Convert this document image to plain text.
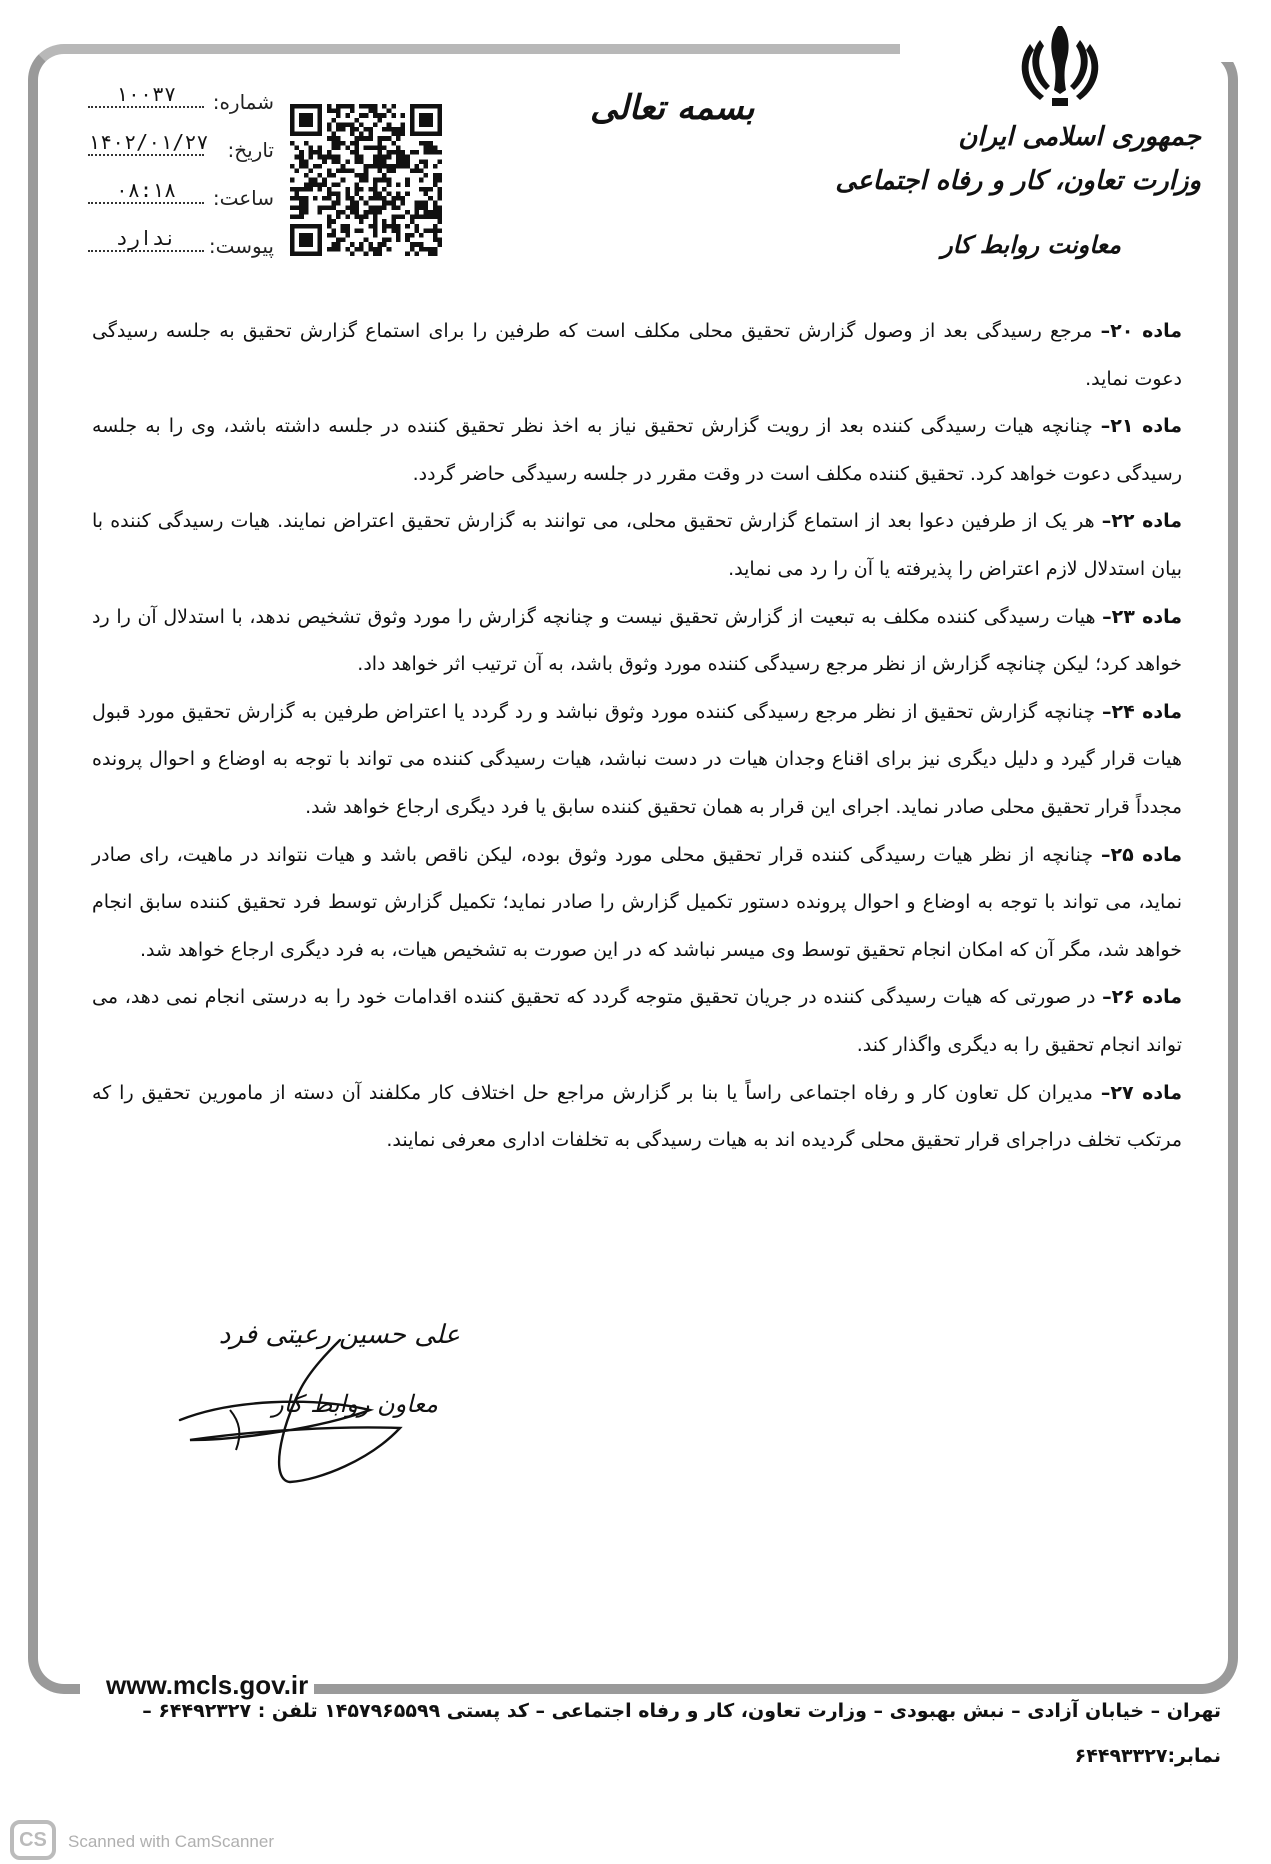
جمهوری اسلامی ایران
وزارت تعاون، کار و رفاه اجتماعی
معاونت روابط کار
بسمه تعالی
شماره:
۱۰۰۳۷
تاریخ:
۱۴۰۲/۰۱/۲۷
ساعت:
۰۸:۱۸
پیوست:
ندارد

ماده ۲۰– مرجع رسیدگی بعد از وصول گزارش تحقیق محلی مکلف است که طرفین را برای استماع گزارش تحقیق به جلسه رسیدگی دعوت نماید.

ماده ۲۱– چنانچه هیات رسیدگی کننده بعد از رویت گزارش تحقیق نیاز به اخذ نظر تحقیق کننده در جلسه داشته باشد، وی را به جلسه رسیدگی دعوت خواهد کرد. تحقیق کننده مکلف است در وقت مقرر در جلسه رسیدگی حاضر گردد.

ماده ۲۲– هر یک از طرفین دعوا بعد از استماع گزارش تحقیق محلی، می توانند به گزارش تحقیق اعتراض نمایند. هیات رسیدگی کننده با بیان استدلال لازم اعتراض را پذیرفته یا آن را رد می نماید.

ماده ۲۳– هیات رسیدگی کننده مکلف به تبعیت از گزارش تحقیق نیست و چنانچه گزارش را مورد وثوق تشخیص ندهد، با استدلال آن را رد خواهد کرد؛ لیکن چنانچه گزارش از نظر مرجع رسیدگی کننده مورد وثوق باشد، به آن ترتیب اثر خواهد داد.

ماده ۲۴– چنانچه گزارش تحقیق از نظر مرجع رسیدگی کننده مورد وثوق نباشد و رد گردد یا اعتراض طرفین به گزارش تحقیق مورد قبول هیات قرار گیرد و دلیل دیگری نیز برای اقناع وجدان هیات در دست نباشد، هیات رسیدگی کننده می تواند با توجه به اوضاع و احوال پرونده مجدداً قرار تحقیق محلی صادر نماید. اجرای این قرار به همان تحقیق کننده سابق یا فرد دیگری ارجاع خواهد شد.

ماده ۲۵– چنانچه از نظر هیات رسیدگی کننده قرار تحقیق محلی مورد وثوق بوده، لیکن ناقص باشد و هیات نتواند در ماهیت، رای صادر نماید، می تواند با توجه به اوضاع و احوال پرونده دستور تکمیل گزارش را صادر نماید؛ تکمیل گزارش توسط فرد تحقیق کننده سابق انجام خواهد شد، مگر آن که امکان انجام تحقیق توسط وی میسر نباشد که در این صورت به تشخیص هیات، به فرد دیگری ارجاع خواهد شد.

ماده ۲۶– در صورتی که هیات رسیدگی کننده در جریان تحقیق متوجه گردد که تحقیق کننده اقدامات خود را به درستی انجام نمی دهد، می تواند انجام تحقیق را به دیگری واگذار کند.

ماده ۲۷– مدیران کل تعاون کار و رفاه اجتماعی راساً یا بنا بر گزارش مراجع حل اختلاف کار مکلفند آن دسته از مامورین تحقیق را که مرتکب تخلف دراجرای قرار تحقیق محلی گردیده اند به هیات رسیدگی به تخلفات اداری معرفی نمایند.

علی حسین رعیتی فرد
معاون روابط کار
www.mcls.gov.ir
تهران – خیابان آزادی – نبش بهبودی – وزارت تعاون، کار و رفاه اجتماعی – کد پستی ۱۴۵۷۹۶۵۵۹۹ تلفن : ۶۴۴۹۲۳۲۷ –
نمابر:۶۴۴۹۳۳۲۷
CS	Scanned with CamScanner
